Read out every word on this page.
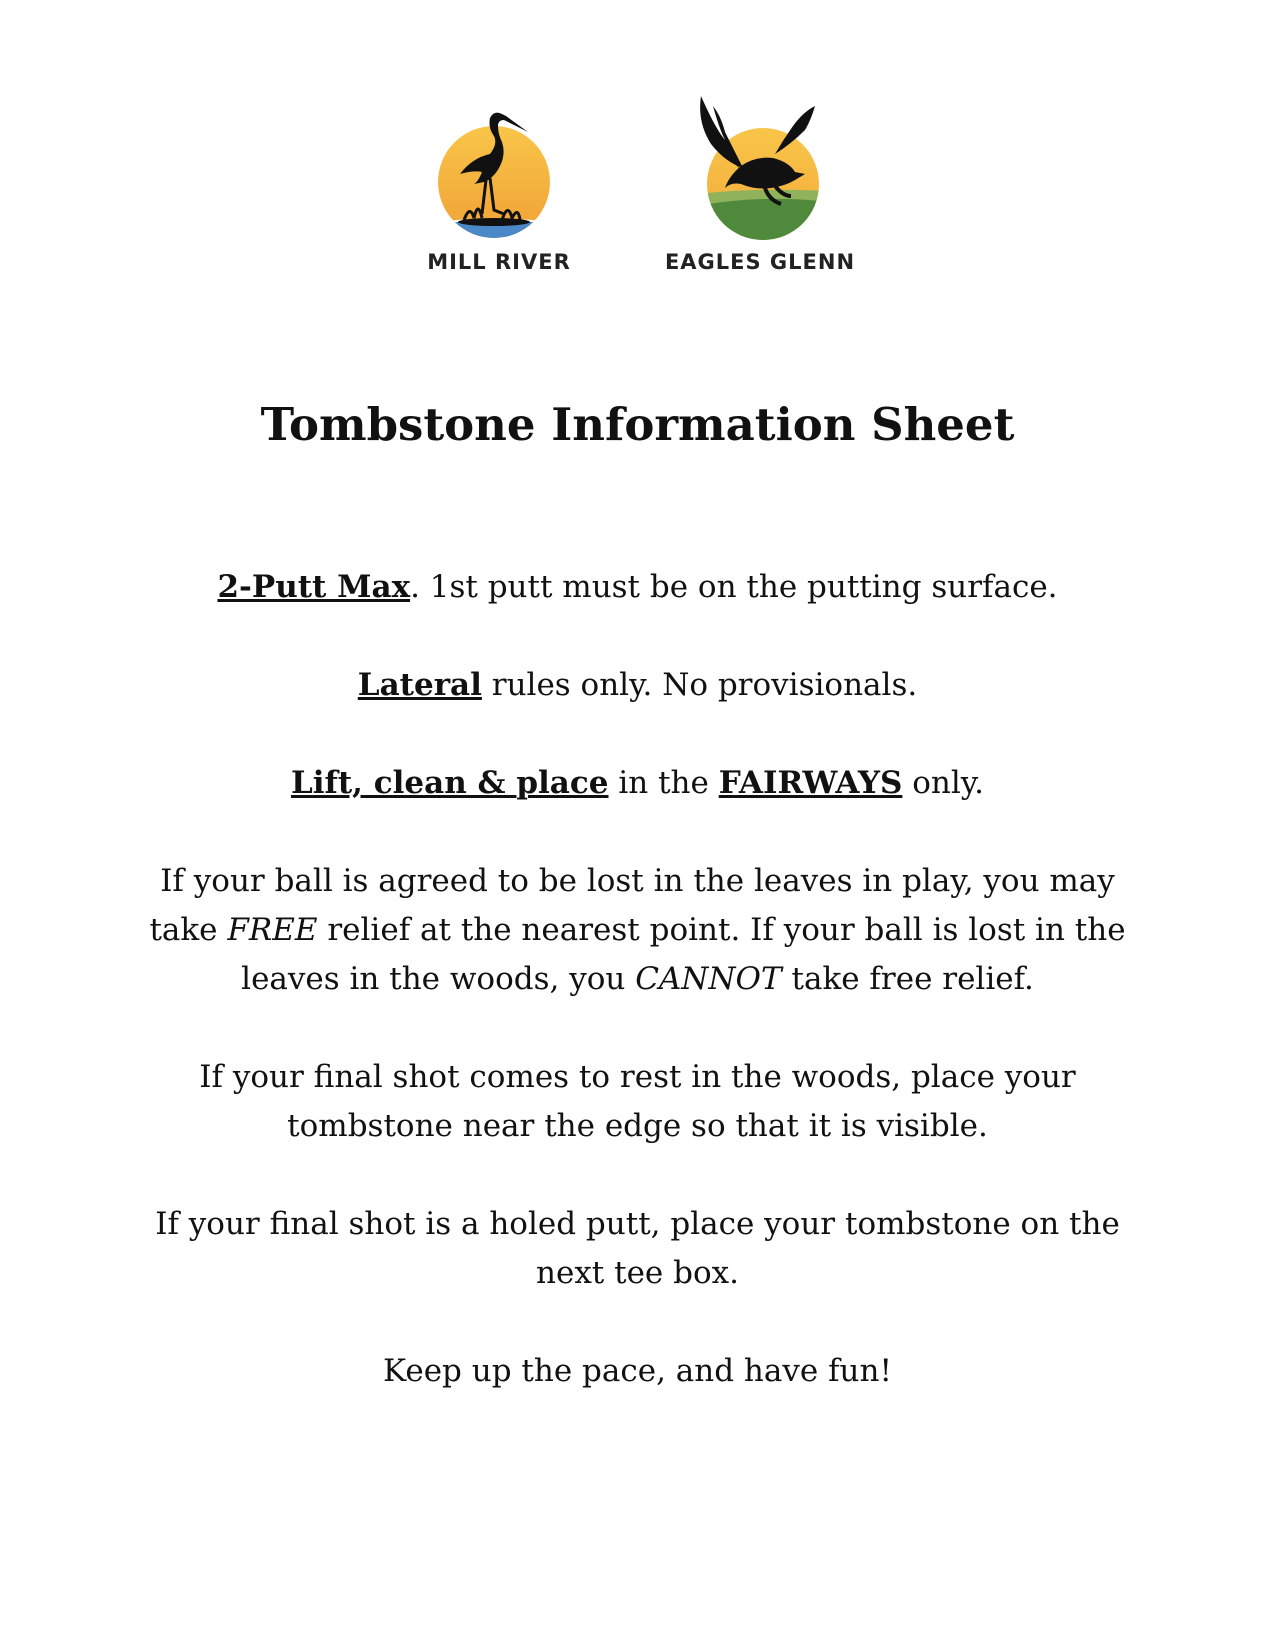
MILL RIVER	EAGLES GLENN
Tombstone Information Sheet

2-Putt Max. 1st putt must be on the putting surface.

Lateral rules only. No provisionals.

Lift, clean & place in the FAIRWAYS only.

If your ball is agreed to be lost in the leaves in play, you may take FREE relief at the nearest point. If your ball is lost in the leaves in the woods, you CANNOT take free relief.

If your final shot comes to rest in the woods, place your tombstone near the edge so that it is visible.

If your final shot is a holed putt, place your tombstone on the next tee box.

Keep up the pace, and have fun!
